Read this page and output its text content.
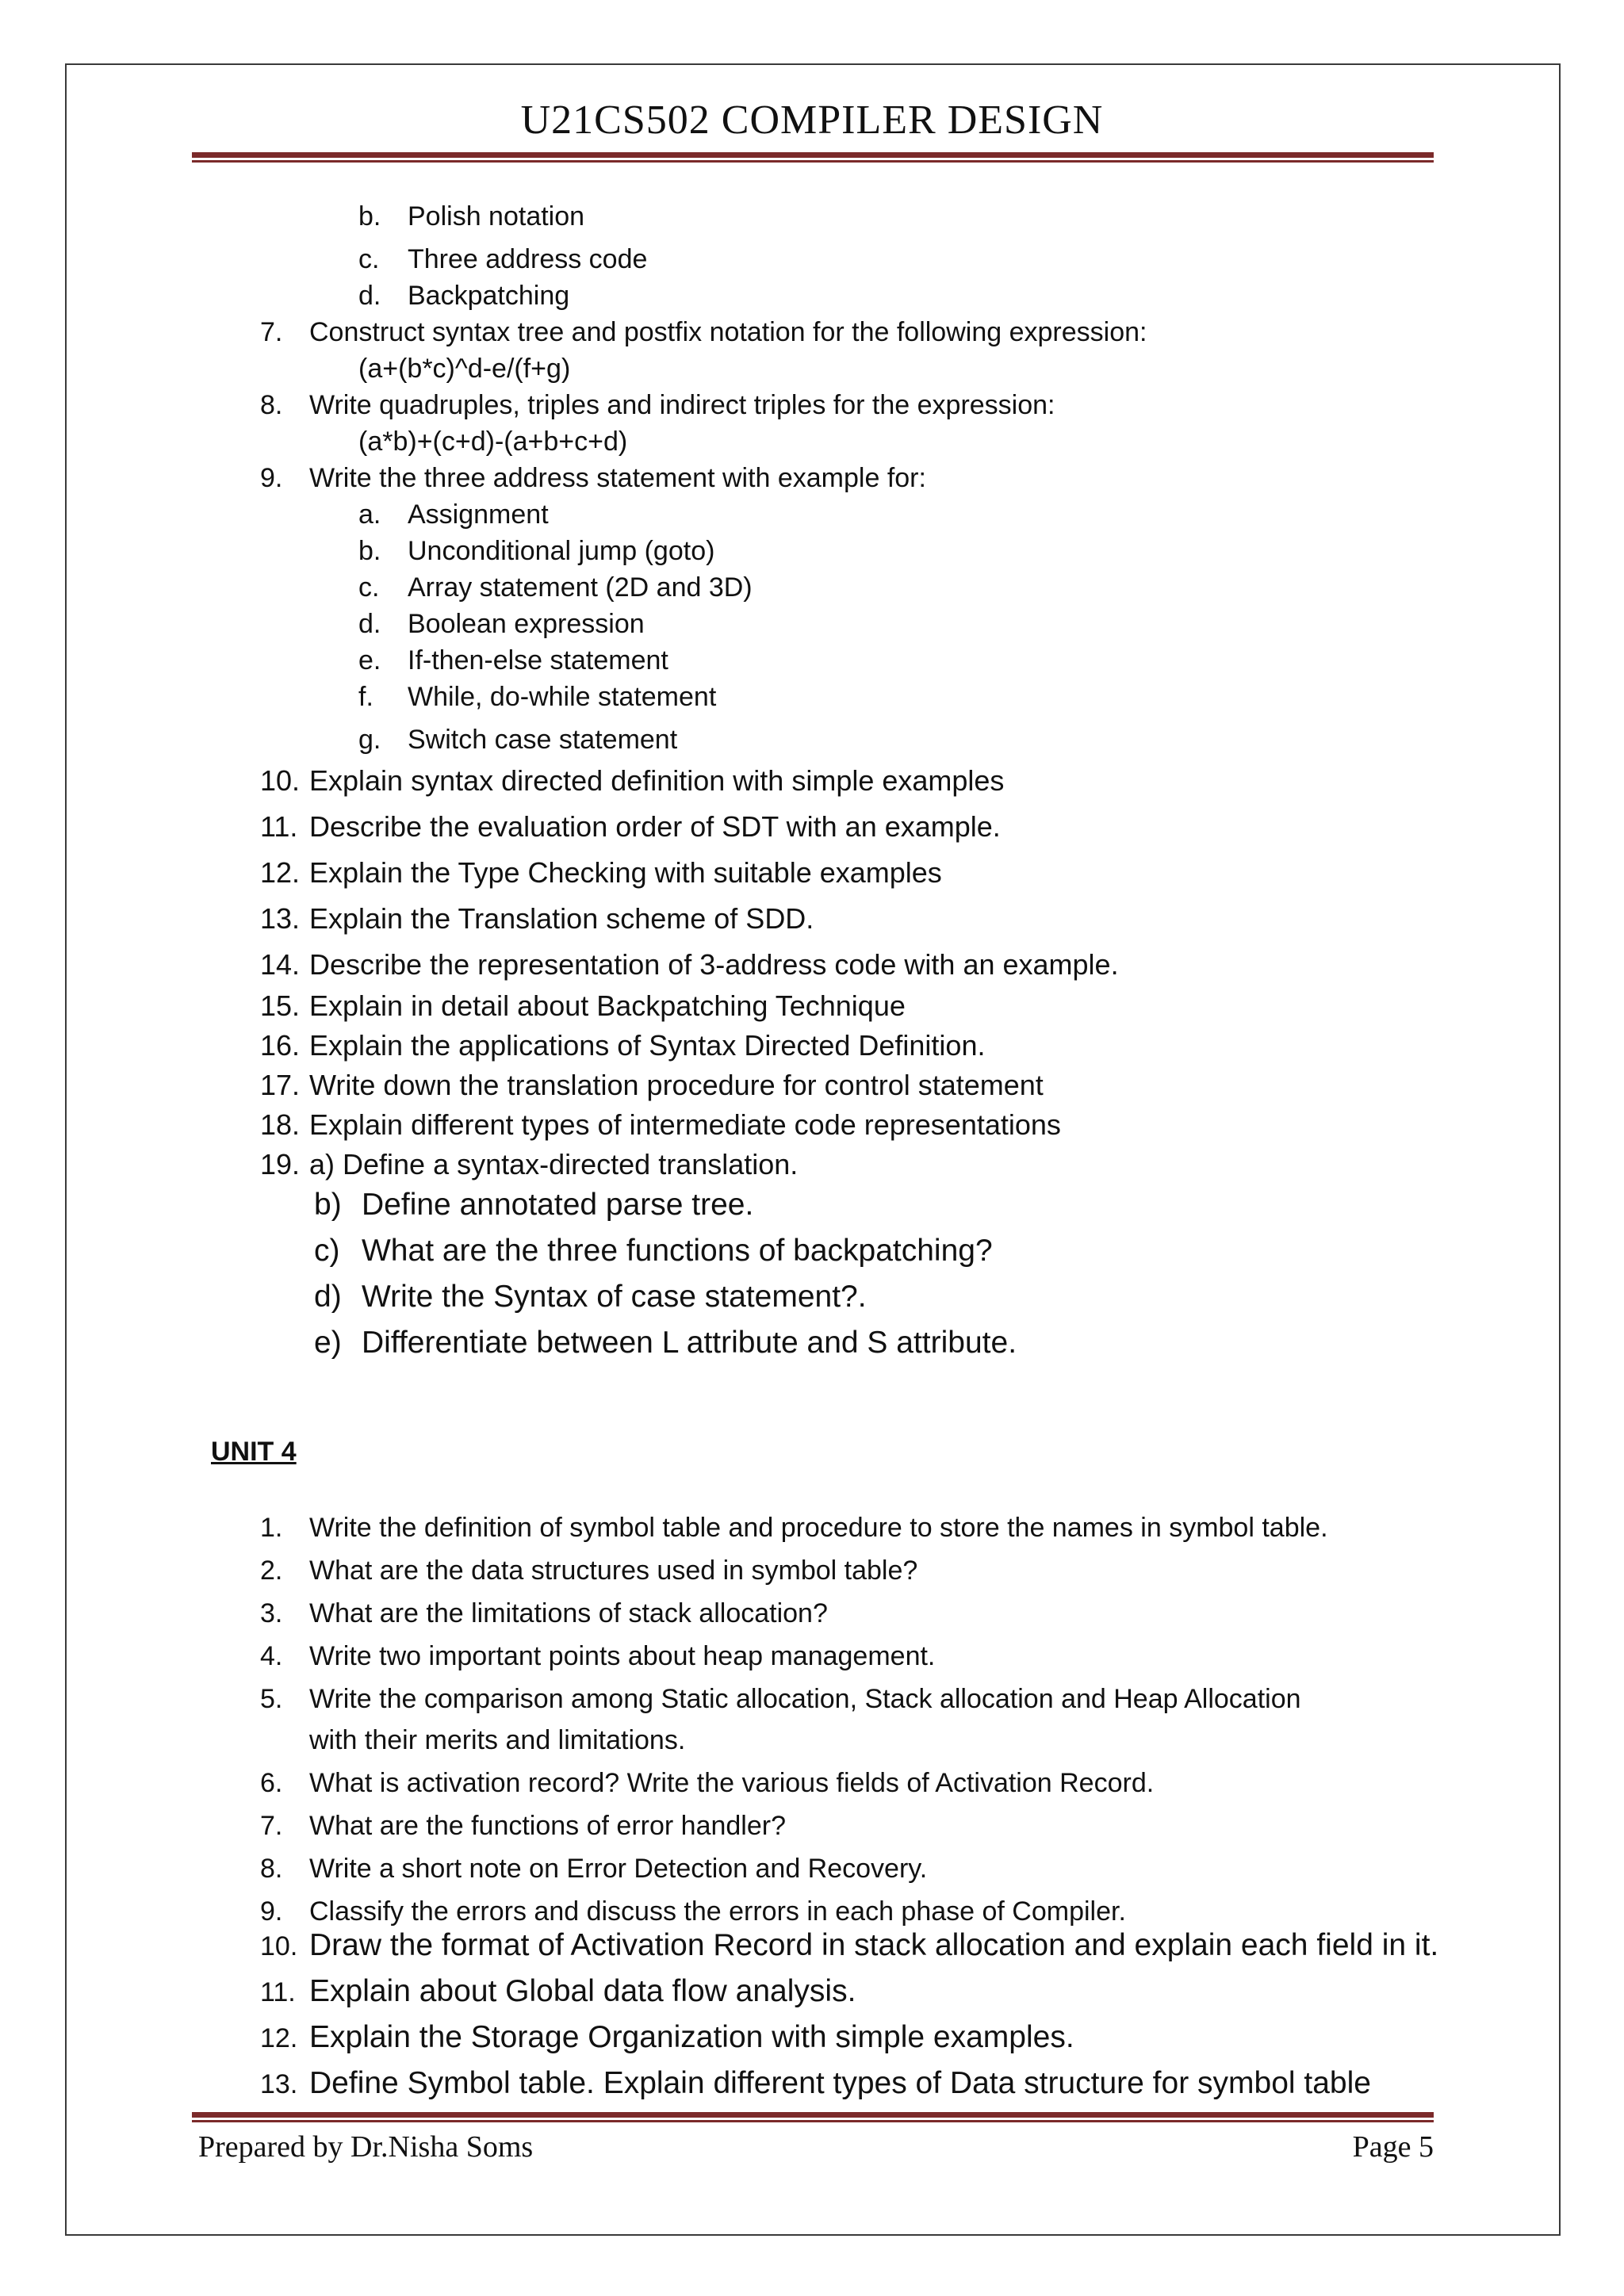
U21CS502 COMPILER DESIGN
b. Polish notation
c. Three address code
d. Backpatching
7. Construct syntax tree and postfix notation for the following expression:
(a+(b*c)^d-e/(f+g)
8. Write quadruples, triples and indirect triples for the expression:
(a*b)+(c+d)-(a+b+c+d)
9. Write the three address statement with example for:
a. Assignment
b. Unconditional jump (goto)
c. Array statement (2D and 3D)
d. Boolean expression
e. If-then-else statement
f. While, do-while statement
g. Switch case statement
10. Explain syntax directed definition with simple examples
11. Describe the evaluation order of SDT with an example.
12. Explain the Type Checking with suitable examples
13. Explain the Translation scheme of SDD.
14. Describe the representation of 3-address code with an example.
15. Explain in detail about Backpatching Technique
16. Explain the applications of Syntax Directed Definition.
17. Write down the translation procedure for control statement
18. Explain different types of intermediate code representations
19. a) Define a syntax-directed translation.
b) Define annotated parse tree.
c) What are the three functions of backpatching?
d) Write the Syntax of case statement?.
e) Differentiate between L attribute and S attribute.
UNIT 4
1. Write the definition of symbol table and procedure to store the names in symbol table.
2. What are the data structures used in symbol table?
3. What are the limitations of stack allocation?
4. Write two important points about heap management.
5. Write the comparison among Static allocation, Stack allocation and Heap Allocation
with their merits and limitations.
6. What is activation record? Write the various fields of Activation Record.
7. What are the functions of error handler?
8. Write a short note on Error Detection and Recovery.
9. Classify the errors and discuss the errors in each phase of Compiler.
10. Draw the format of Activation Record in stack allocation and explain each field in it.
11. Explain about Global data flow analysis.
12. Explain the Storage Organization with simple examples.
13. Define Symbol table. Explain different types of Data structure for symbol table
Prepared by Dr.Nisha Soms	Page 5
